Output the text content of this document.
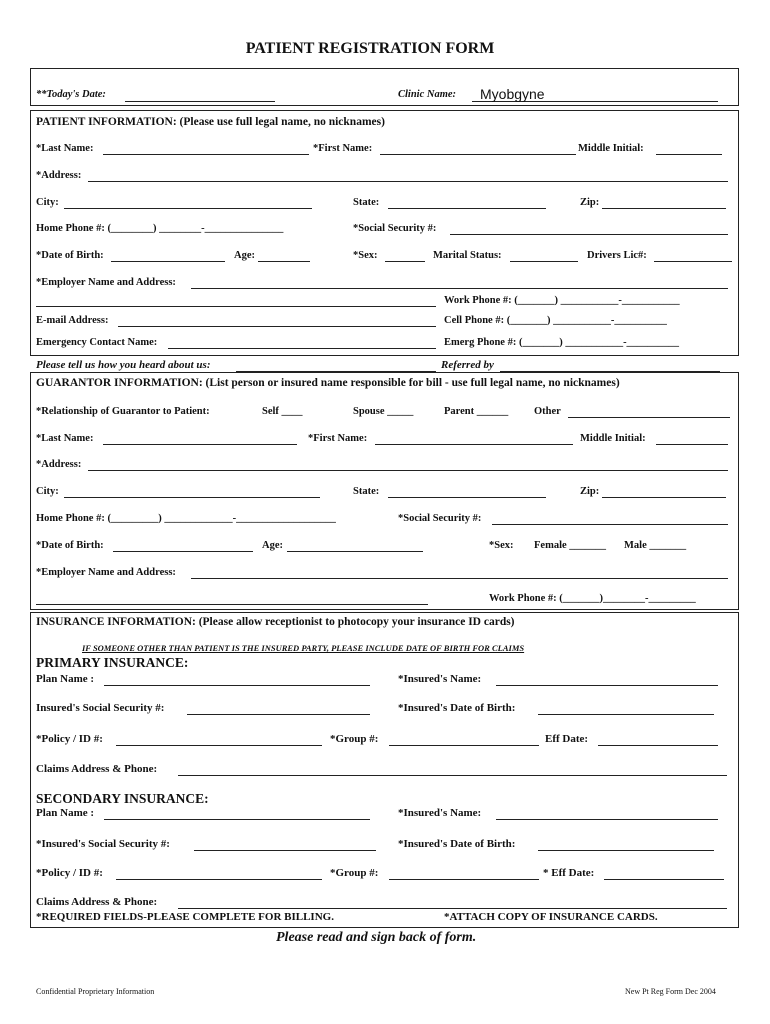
PATIENT REGISTRATION FORM
**Today's Date:	Clinic Name: Myobgyne
PATIENT INFORMATION: (Please use full legal name, no nicknames)
*Last Name:	*First Name:	Middle Initial:
*Address:
City:	State:	Zip:
Home Phone #: (________) ________-_______________	*Social Security #:
*Date of Birth:	Age:	*Sex:	Marital Status:	Drivers Lic#:
*Employer Name and Address:
Work Phone #: (_______) ___________-___________
E-mail Address:	Cell Phone #: (_______) ___________-__________
Emergency Contact Name:	Emerg Phone #: (_______) ___________-__________
Please tell us how you heard about us:	Referred by
GUARANTOR INFORMATION: (List person or insured name responsible for bill - use full legal name, no nicknames)
*Relationship of Guarantor to Patient:	Self ____	Spouse _____	Parent ______ Other
*Last Name:	*First Name:	Middle Initial:
*Address:
City:	State:	Zip:
Home Phone #: (_________) _____________-___________________	*Social Security #:
*Date of Birth:	Age:	*Sex: Female _______ Male _______
*Employer Name and Address:
Work Phone #: (_______)________-_________
INSURANCE INFORMATION: (Please allow receptionist to photocopy your insurance ID cards)
IF SOMEONE OTHER THAN PATIENT IS THE INSURED PARTY, PLEASE INCLUDE DATE OF BIRTH FOR CLAIMS
PRIMARY INSURANCE:
Plan Name :	*Insured's Name:
Insured's Social Security #:	*Insured's Date of Birth:
*Policy / ID #:	*Group #:	Eff Date:
Claims Address & Phone:
SECONDARY INSURANCE:
Plan Name :	*Insured's Name:
*Insured's Social Security #:	*Insured's Date of Birth:
*Policy / ID #:	*Group #:	* Eff Date:
Claims Address & Phone:
*REQUIRED FIELDS-PLEASE COMPLETE FOR BILLING.	*ATTACH COPY OF INSURANCE CARDS.
Please read and sign back of form.
Confidential Proprietary Information	New Pt Reg Form Dec 2004
